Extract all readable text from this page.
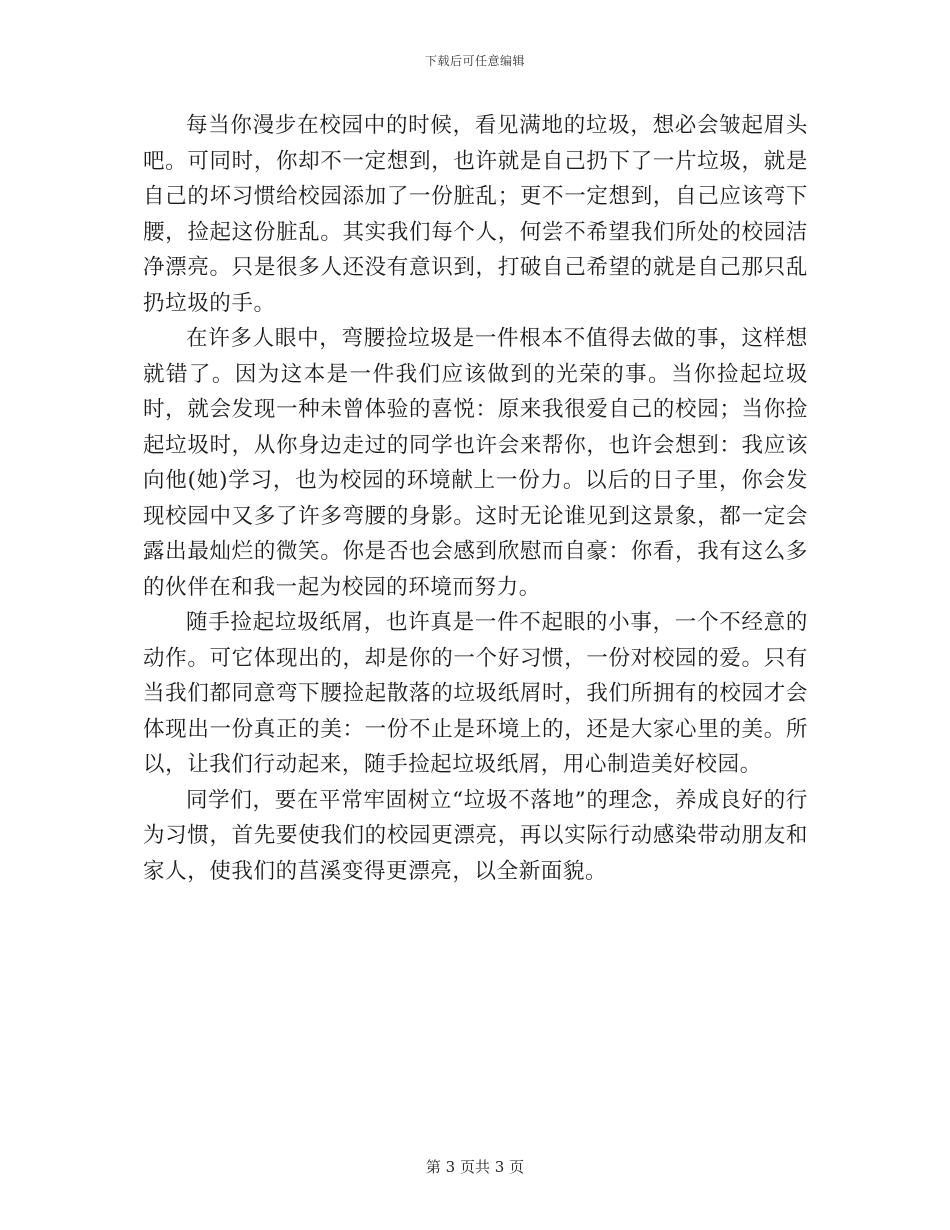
下载后可任意编辑

每当你漫步在校园中的时候，看见满地的垃圾，想必会皱起眉头吧。可同时，你却不一定想到，也许就是自己扔下了一片垃圾，就是自己的坏习惯给校园添加了一份脏乱；更不一定想到，自己应该弯下腰，捡起这份脏乱。其实我们每个人，何尝不希望我们所处的校园洁净漂亮。只是很多人还没有意识到，打破自己希望的就是自己那只乱扔垃圾的手。

在许多人眼中，弯腰捡垃圾是一件根本不值得去做的事，这样想就错了。因为这本是一件我们应该做到的光荣的事。当你捡起垃圾时，就会发现一种未曾体验的喜悦：原来我很爱自己的校园；当你捡起垃圾时，从你身边走过的同学也许会来帮你，也许会想到：我应该向他(她)学习，也为校园的环境献上一份力。以后的日子里，你会发现校园中又多了许多弯腰的身影。这时无论谁见到这景象，都一定会露出最灿烂的微笑。你是否也会感到欣慰而自豪：你看，我有这么多的伙伴在和我一起为校园的环境而努力。

随手捡起垃圾纸屑，也许真是一件不起眼的小事，一个不经意的动作。可它体现出的，却是你的一个好习惯，一份对校园的爱。只有当我们都同意弯下腰捡起散落的垃圾纸屑时，我们所拥有的校园才会体现出一份真正的美：一份不止是环境上的，还是大家心里的美。所以，让我们行动起来，随手捡起垃圾纸屑，用心制造美好校园。

同学们，要在平常牢固树立“垃圾不落地”的理念，养成良好的行为习惯，首先要使我们的校园更漂亮，再以实际行动感染带动朋友和家人，使我们的莒溪变得更漂亮，以全新面貌。

第 3 页共 3 页
